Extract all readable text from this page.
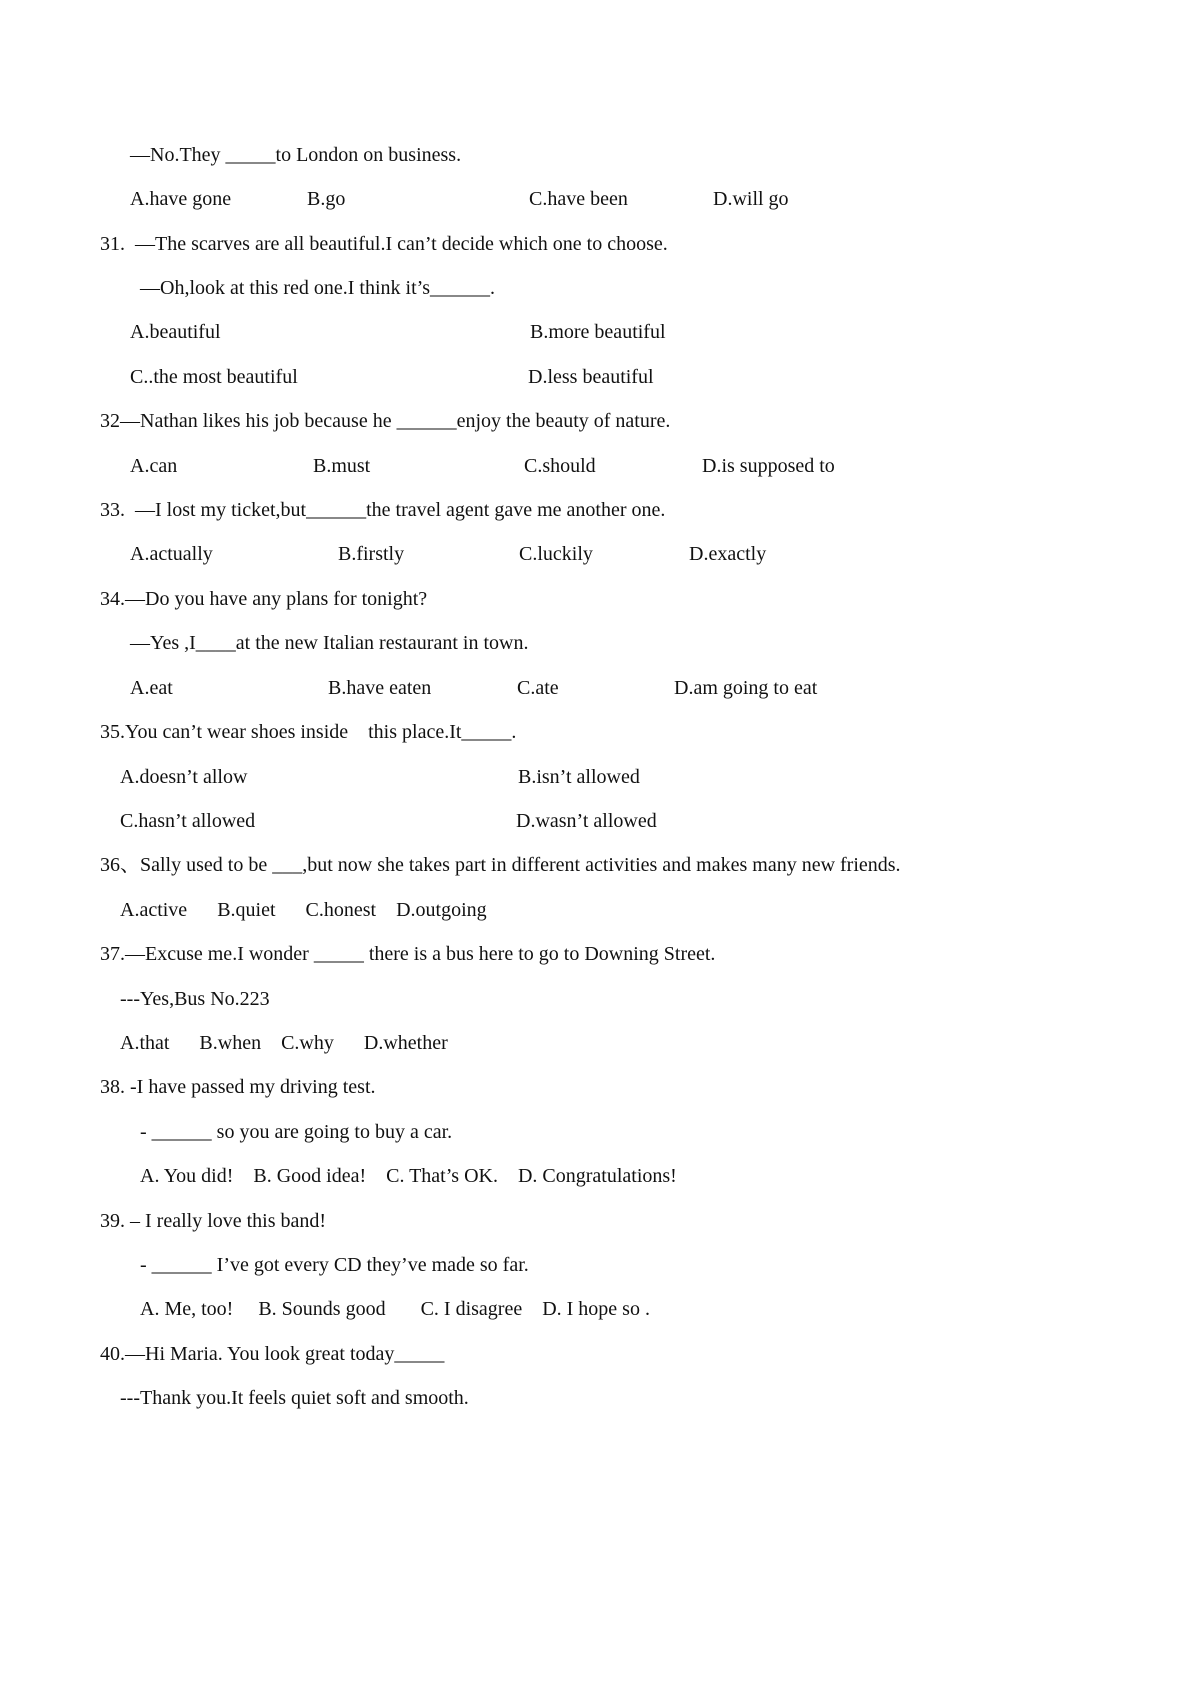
—No.They _____to London on business.
A.have gone	B.go	C.have been	D.will go
31.  —The scarves are all beautiful.I can’t decide which one to choose.
—Oh,look at this red one.I think it’s______.
A.beautiful	B.more beautiful
C..the most beautiful	D.less beautiful
32—Nathan likes his job because he ______enjoy the beauty of nature.
A.can	B.must	C.should	D.is supposed to
33.  —I lost my ticket,but______the travel agent gave me another one.
A.actually	B.firstly	C.luckily	D.exactly
34.—Do you have any plans for tonight?
—Yes ,I____at the new Italian restaurant in town.
A.eat	B.have eaten	C.ate	D.am going to eat
35.You can’t wear shoes inside    this place.It_____.
A.doesn’t allow	B.isn’t allowed
C.hasn’t allowed	D.wasn’t allowed
36、Sally used to be ___,but now she takes part in different activities and makes many new friends.
A.active      B.quiet      C.honest    D.outgoing
37.—Excuse me.I wonder _____ there is a bus here to go to Downing Street.
---Yes,Bus No.223
A.that      B.when    C.why      D.whether
38. -I have passed my driving test.
- ______ so you are going to buy a car.
A. You did!    B. Good idea!    C. That’s OK.    D. Congratulations!
39. – I really love this band!
- ______ I’ve got every CD they’ve made so far.
A. Me, too!     B. Sounds good       C. I disagree    D. I hope so .
40.—Hi Maria. You look great today_____
---Thank you.It feels quiet soft and smooth.
